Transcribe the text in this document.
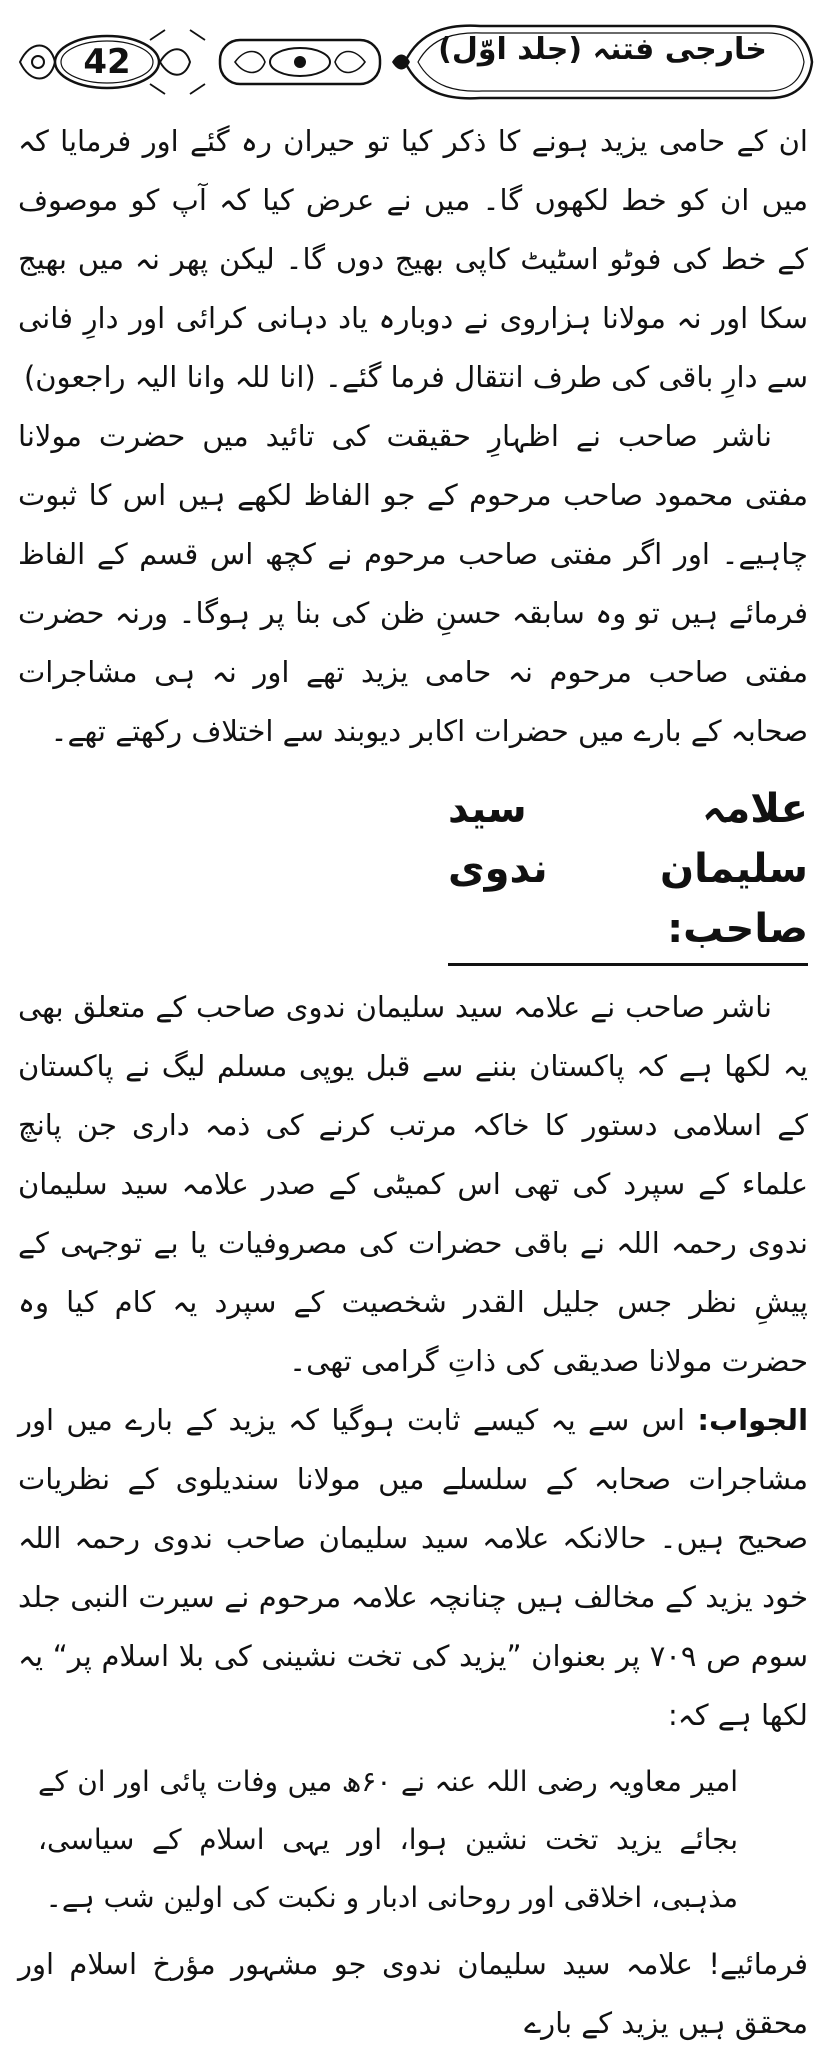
42	خارجی فتنہ (جلد اوّل)

ان کے حامی یزید ہونے کا ذکر کیا تو حیران رہ گئے اور فرمایا کہ میں ان کو خط لکھوں گا۔ میں نے عرض کیا کہ آپ کو موصوف کے خط کی فوٹو اسٹیٹ کاپی بھیج دوں گا۔ لیکن پھر نہ میں بھیج سکا اور نہ مولانا ہزاروی نے دوبارہ یاد دہانی کرائی اور دارِ فانی سے دارِ باقی کی طرف انتقال فرما گئے۔ (انا للہ وانا الیہ راجعون)

ناشر صاحب نے اظہارِ حقیقت کی تائید میں حضرت مولانا مفتی محمود صاحب مرحوم کے جو الفاظ لکھے ہیں اس کا ثبوت چاہیے۔ اور اگر مفتی صاحب مرحوم نے کچھ اس قسم کے الفاظ فرمائے ہیں تو وہ سابقہ حسنِ ظن کی بنا پر ہوگا۔ ورنہ حضرت مفتی صاحب مرحوم نہ حامی یزید تھے اور نہ ہی مشاجرات صحابہ کے بارے میں حضرات اکابر دیوبند سے اختلاف رکھتے تھے۔

علامہ سید سلیمان ندوی صاحب:

ناشر صاحب نے علامہ سید سلیمان ندوی صاحب کے متعلق بھی یہ لکھا ہے کہ پاکستان بننے سے قبل یوپی مسلم لیگ نے پاکستان کے اسلامی دستور کا خاکہ مرتب کرنے کی ذمہ داری جن پانچ علماء کے سپرد کی تھی اس کمیٹی کے صدر علامہ سید سلیمان ندوی رحمہ اللہ نے باقی حضرات کی مصروفیات یا بے توجہی کے پیشِ نظر جس جلیل القدر شخصیت کے سپرد یہ کام کیا وہ حضرت مولانا صدیقی کی ذاتِ گرامی تھی۔

الجواب: اس سے یہ کیسے ثابت ہوگیا کہ یزید کے بارے میں اور مشاجرات صحابہ کے سلسلے میں مولانا سندیلوی کے نظریات صحیح ہیں۔ حالانکہ علامہ سید سلیمان صاحب ندوی رحمہ اللہ خود یزید کے مخالف ہیں چنانچہ علامہ مرحوم نے سیرت النبی جلد سوم ص ۷۰۹ پر بعنوان ”یزید کی تخت نشینی کی بلا اسلام پر“ یہ لکھا ہے کہ:

امیر معاویہ رضی اللہ عنہ نے ۶۰ھ میں وفات پائی اور ان کے بجائے یزید تخت نشین ہوا، اور یہی اسلام کے سیاسی، مذہبی، اخلاقی اور روحانی ادبار و نکبت کی اولین شب ہے۔

فرمائیے! علامہ سید سلیمان ندوی جو مشہور مؤرخ اسلام اور محقق ہیں یزید کے بارے
